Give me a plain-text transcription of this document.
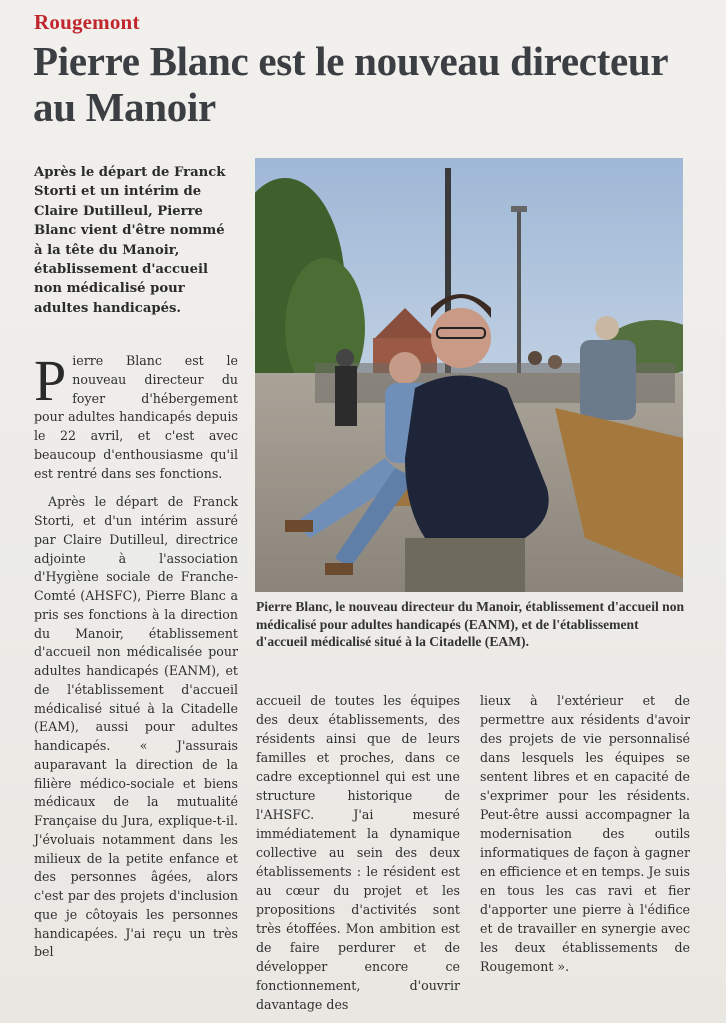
Rougemont
Pierre Blanc est le nouveau directeur au Manoir
Après le départ de Franck Storti et un intérim de Claire Dutilleul, Pierre Blanc vient d'être nommé à la tête du Manoir, établissement d'accueil non médicalisé pour adultes handicapés.

Pierre Blanc est le nouveau directeur du foyer d'hébergement pour adultes handicapés depuis le 22 avril, et c'est avec beaucoup d'enthousiasme qu'il est rentré dans ses fonctions.

Après le départ de Franck Storti, et d'un intérim assuré par Claire Dutilleul, directrice adjointe à l'association d'Hygiène sociale de Franche-Comté (AHSFC), Pierre Blanc a pris ses fonctions à la direction du Manoir, établissement d'accueil non médicalisée pour adultes handicapés (EANM), et de l'établissement d'accueil médicalisé situé à la Citadelle (EAM), aussi pour adultes handicapés. « J'assurais auparavant la direction de la filière médico-sociale et biens médicaux de la mutualité Française du Jura, explique-t-il. J'évoluais notamment dans les milieux de la petite enfance et des personnes âgées, alors c'est par des projets d'inclusion que je côtoyais les personnes handicapées. J'ai reçu un très bel

Pierre Blanc, le nouveau directeur du Manoir, établissement d'accueil non médicalisé pour adultes handicapés (EANM), et de l'établissement d'accueil médicalisé situé à la Citadelle (EAM).
accueil de toutes les équipes des deux établissements, des résidents ainsi que de leurs familles et proches, dans ce cadre exceptionnel qui est une structure historique de l'AHSFC. J'ai mesuré immédiatement la dynamique collective au sein des deux établissements : le résident est au cœur du projet et les propositions d'activités sont très étoffées. Mon ambition est de faire perdurer et de développer encore ce fonctionnement, d'ouvrir davantage des
lieux à l'extérieur et de permettre aux résidents d'avoir des projets de vie personnalisé dans lesquels les équipes se sentent libres et en capacité de s'exprimer pour les résidents. Peut-être aussi accompagner la modernisation des outils informatiques de façon à gagner en efficience et en temps. Je suis en tous les cas ravi et fier d'apporter une pierre à l'édifice et de travailler en synergie avec les deux établissements de Rougemont ».
